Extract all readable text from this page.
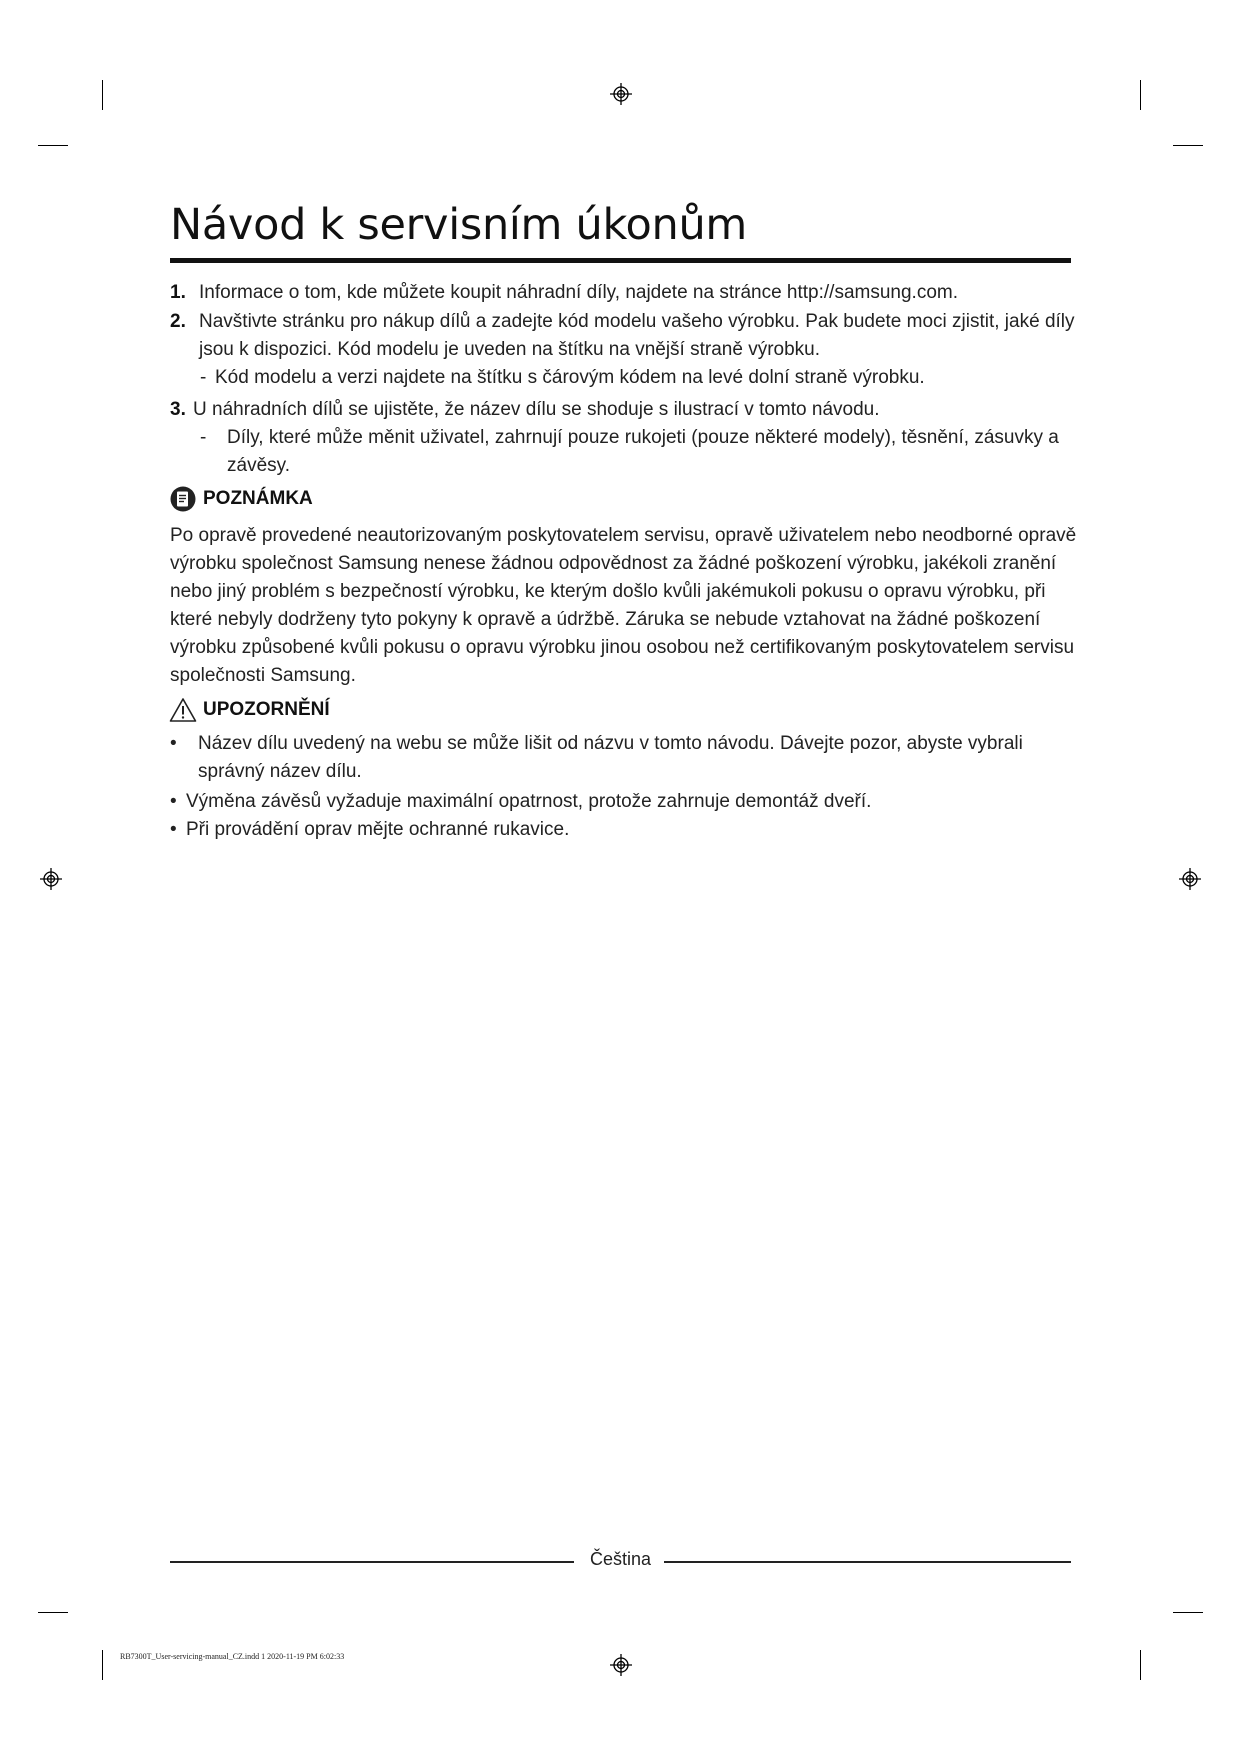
Návod k servisním úkonům
1. Informace o tom, kde můžete koupit náhradní díly, najdete na stránce http://samsung.com.
2. Navštivte stránku pro nákup dílů a zadejte kód modelu vašeho výrobku. Pak budete moci zjistit, jaké díly
jsou k dispozici. Kód modelu je uveden na štítku na vnější straně výrobku.
- Kód modelu a verzi najdete na štítku s čárovým kódem na levé dolní straně výrobku.
3. U náhradních dílů se ujistěte, že název dílu se shoduje s ilustrací v tomto návodu.
- Díly, které může měnit uživatel, zahrnují pouze rukojeti (pouze některé modely), těsnění, zásuvky a
závěsy.
POZNÁMKA
Po opravě provedené neautorizovaným poskytovatelem servisu, opravě uživatelem nebo neodborné opravě
výrobku společnost Samsung nenese žádnou odpovědnost za žádné poškození výrobku, jakékoli zranění
nebo jiný problém s bezpečností výrobku, ke kterým došlo kvůli jakémukoli pokusu o opravu výrobku, při
které nebyly dodrženy tyto pokyny k opravě a údržbě. Záruka se nebude vztahovat na žádné poškození
výrobku způsobené kvůli pokusu o opravu výrobku jinou osobou než certifikovaným poskytovatelem servisu
společnosti Samsung.
UPOZORNĚNÍ
• Název dílu uvedený na webu se může lišit od názvu v tomto návodu. Dávejte pozor, abyste vybrali
správný název dílu.
• Výměna závěsů vyžaduje maximální opatrnost, protože zahrnuje demontáž dveří.
• Při provádění oprav mějte ochranné rukavice.
Čeština
RB7300T_User-servicing-manual_CZ.indd 1 2020-11-19 PM 6:02:33
